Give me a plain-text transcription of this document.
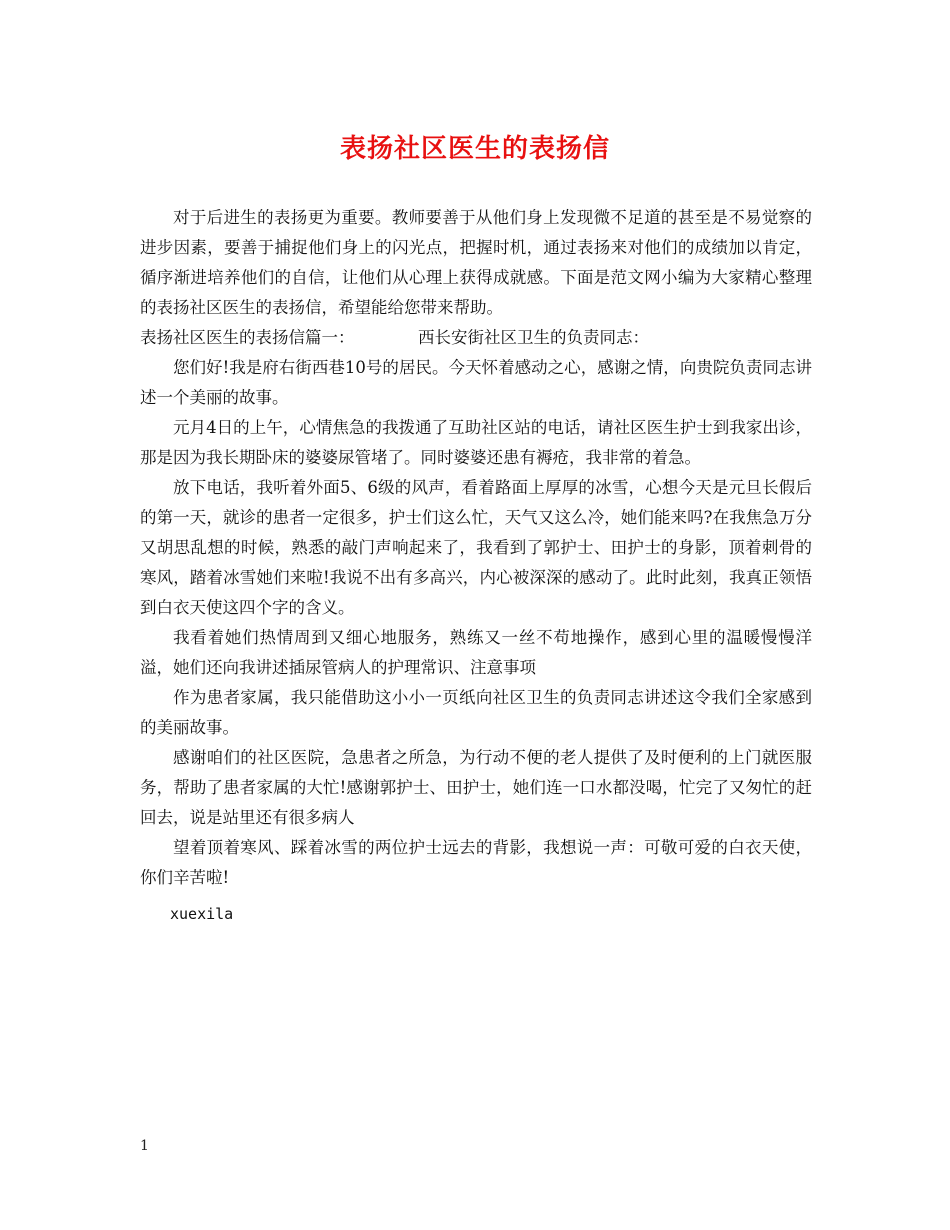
表扬社区医生的表扬信

对于后进生的表扬更为重要。教师要善于从他们身上发现微不足道的甚至是不易觉察的进步因素，要善于捕捉他们身上的闪光点，把握时机，通过表扬来对他们的成绩加以肯定，循序渐进培养他们的自信，让他们从心理上获得成就感。下面是范文网小编为大家精心整理的表扬社区医生的表扬信，希望能给您带来帮助。

表扬社区医生的表扬信篇一：	西长安街社区卫生的负责同志：

您们好!我是府右街西巷10号的居民。今天怀着感动之心，感谢之情，向贵院负责同志讲述一个美丽的故事。

元月4日的上午，心情焦急的我拨通了互助社区站的电话，请社区医生护士到我家出诊，那是因为我长期卧床的婆婆尿管堵了。同时婆婆还患有褥疮，我非常的着急。

放下电话，我听着外面5、6级的风声，看着路面上厚厚的冰雪，心想今天是元旦长假后的第一天，就诊的患者一定很多，护士们这么忙，天气又这么冷，她们能来吗?在我焦急万分又胡思乱想的时候，熟悉的敲门声响起来了，我看到了郭护士、田护士的身影，顶着刺骨的寒风，踏着冰雪她们来啦!我说不出有多高兴，内心被深深的感动了。此时此刻，我真正领悟到白衣天使这四个字的含义。

我看着她们热情周到又细心地服务，熟练又一丝不苟地操作，感到心里的温暖慢慢洋溢，她们还向我讲述插尿管病人的护理常识、注意事项

作为患者家属，我只能借助这小小一页纸向社区卫生的负责同志讲述这令我们全家感到的美丽故事。

感谢咱们的社区医院，急患者之所急，为行动不便的老人提供了及时便利的上门就医服务，帮助了患者家属的大忙!感谢郭护士、田护士，她们连一口水都没喝，忙完了又匆忙的赶回去，说是站里还有很多病人

望着顶着寒风、踩着冰雪的两位护士远去的背影，我想说一声：可敬可爱的白衣天使，你们辛苦啦!

xuexila

1
